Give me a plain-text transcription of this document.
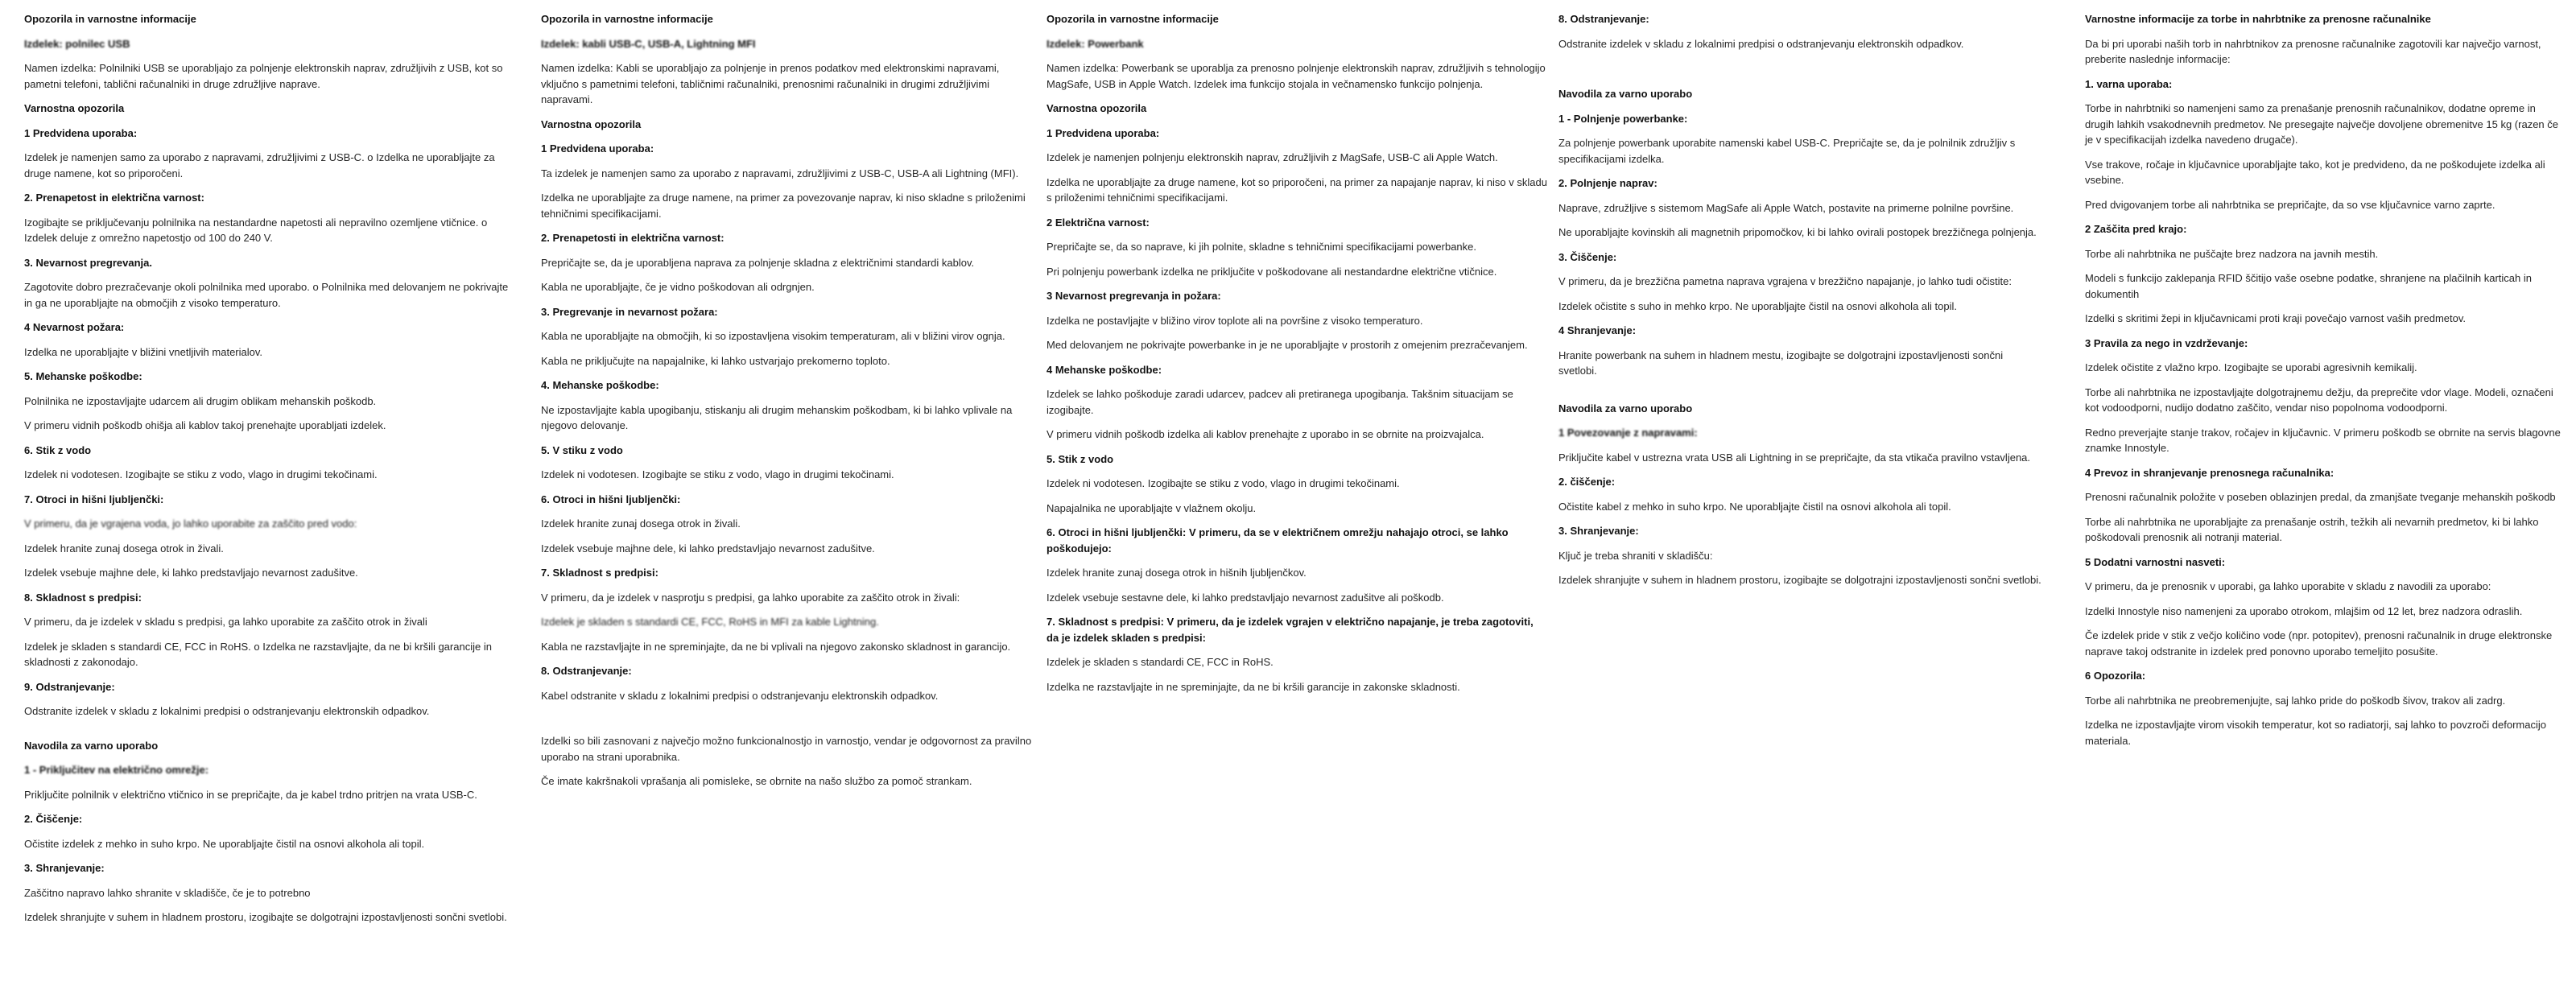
Opozorila in varnostne informacije
Izdelek: polnilec USB
Namen izdelka: Polnilniki USB se uporabljajo za polnjenje elektronskih naprav, združljivih z USB, kot so pametni telefoni, tablični računalniki in druge združljive naprave.
Varnostna opozorila
1 Predvidena uporaba:
Izdelek je namenjen samo za uporabo z napravami, združljivimi z USB-C. o Izdelka ne uporabljajte za druge namene, kot so priporočeni.
2. Prenapetost in električna varnost:
Izogibajte se priključevanju polnilnika na nestandardne napetosti ali nepravilno ozemljene vtičnice. o Izdelek deluje z omrežno napetostjo od 100 do 240 V.
3. Nevarnost pregrevanja.
Zagotovite dobro prezračevanje okoli polnilnika med uporabo. o Polnilnika med delovanjem ne pokrivajte in ga ne uporabljajte na območjih z visoko temperaturo.
4 Nevarnost požara:
Izdelka ne uporabljajte v bližini vnetljivih materialov.
5. Mehanske poškodbe:
Polnilnika ne izpostavljajte udarcem ali drugim oblikam mehanskih poškodb.
V primeru vidnih poškodb ohišja ali kablov takoj prenehajte uporabljati izdelek.
6. Stik z vodo
Izdelek ni vodotesen. Izogibajte se stiku z vodo, vlago in drugimi tekočinami.
7. Otroci in hišni ljubljenčki:
V primeru, da je vgrajena voda, jo lahko uporabite za zaščito pred vodo:
Izdelek hranite zunaj dosega otrok in živali.
Izdelek vsebuje majhne dele, ki lahko predstavljajo nevarnost zadušitve.
8. Skladnost s predpisi:
V primeru, da je izdelek v skladu s predpisi, ga lahko uporabite za zaščito otrok in živali
Izdelek je skladen s standardi CE, FCC in RoHS. o Izdelka ne razstavljajte, da ne bi kršili garancije in skladnosti z zakonodajo.
9. Odstranjevanje:
Odstranite izdelek v skladu z lokalnimi predpisi o odstranjevanju elektronskih odpadkov.
Navodila za varno uporabo
1 - Priključitev na električno omrežje:
Priključite polnilnik v električno vtičnico in se prepričajte, da je kabel trdno pritrjen na vrata USB-C.
2. Čiščenje:
Očistite izdelek z mehko in suho krpo. Ne uporabljajte čistil na osnovi alkohola ali topil.
3. Shranjevanje:
Zaščitno napravo lahko shranite v skladišče, če je to potrebno
Izdelek shranjujte v suhem in hladnem prostoru, izogibajte se dolgotrajni izpostavljenosti sončni svetlobi.
Opozorila in varnostne informacije
Izdelek: kabli USB-C, USB-A, Lightning MFI
Namen izdelka: Kabli se uporabljajo za polnjenje in prenos podatkov med elektronskimi napravami, vključno s pametnimi telefoni, tabličnimi računalniki, prenosnimi računalniki in drugimi združljivimi napravami.
Varnostna opozorila
1 Predvidena uporaba:
Ta izdelek je namenjen samo za uporabo z napravami, združljivimi z USB-C, USB-A ali Lightning (MFI).
Izdelka ne uporabljajte za druge namene, na primer za povezovanje naprav, ki niso skladne s priloženimi tehničnimi specifikacijami.
2. Prenapetosti in električna varnost:
Prepričajte se, da je uporabljena naprava za polnjenje skladna z električnimi standardi kablov.
Kabla ne uporabljajte, če je vidno poškodovan ali odrgnjen.
3. Pregrevanje in nevarnost požara:
Kabla ne uporabljajte na območjih, ki so izpostavljena visokim temperaturam, ali v bližini virov ognja.
Kabla ne priključujte na napajalnike, ki lahko ustvarjajo prekomerno toploto.
4. Mehanske poškodbe:
Ne izpostavljajte kabla upogibanju, stiskanju ali drugim mehanskim poškodbam, ki bi lahko vplivale na njegovo delovanje.
5. V stiku z vodo
Izdelek ni vodotesen. Izogibajte se stiku z vodo, vlago in drugimi tekočinami.
6. Otroci in hišni ljubljenčki:
Izdelek hranite zunaj dosega otrok in živali.
Izdelek vsebuje majhne dele, ki lahko predstavljajo nevarnost zadušitve.
7. Skladnost s predpisi:
V primeru, da je izdelek v nasprotju s predpisi, ga lahko uporabite za zaščito otrok in živali:
Izdelek je skladen s standardi CE, FCC, RoHS in MFI za kable Lightning.
Kabla ne razstavljajte in ne spreminjajte, da ne bi vplivali na njegovo zakonsko skladnost in garancijo.
8. Odstranjevanje:
Kabel odstranite v skladu z lokalnimi predpisi o odstranjevanju elektronskih odpadkov.
Izdelki so bili zasnovani z največjo možno funkcionalnostjo in varnostjo, vendar je odgovornost za pravilno uporabo na strani uporabnika.
Če imate kakršnakoli vprašanja ali pomisleke, se obrnite na našo službo za pomoč strankam.
Opozorila in varnostne informacije
Izdelek: Powerbank
Namen izdelka: Powerbank se uporablja za prenosno polnjenje elektronskih naprav, združljivih s tehnologijo MagSafe, USB in Apple Watch. Izdelek ima funkcijo stojala in večnamensko funkcijo polnjenja.
Varnostna opozorila
1 Predvidena uporaba:
Izdelek je namenjen polnjenju elektronskih naprav, združljivih z MagSafe, USB-C ali Apple Watch.
Izdelka ne uporabljajte za druge namene, kot so priporočeni, na primer za napajanje naprav, ki niso v skladu s priloženimi tehničnimi specifikacijami.
2 Električna varnost:
Prepričajte se, da so naprave, ki jih polnite, skladne s tehničnimi specifikacijami powerbanke.
Pri polnjenju powerbank izdelka ne priključite v poškodovane ali nestandardne električne vtičnice.
3 Nevarnost pregrevanja in požara:
Izdelka ne postavljajte v bližino virov toplote ali na površine z visoko temperaturo.
Med delovanjem ne pokrivajte powerbanke in je ne uporabljajte v prostorih z omejenim prezračevanjem.
4 Mehanske poškodbe:
Izdelek se lahko poškoduje zaradi udarcev, padcev ali pretiranega upogibanja. Takšnim situacijam se izogibajte.
V primeru vidnih poškodb izdelka ali kablov prenehajte z uporabo in se obrnite na proizvajalca.
5. Stik z vodo
Izdelek ni vodotesen. Izogibajte se stiku z vodo, vlago in drugimi tekočinami.
Napajalnika ne uporabljajte v vlažnem okolju.
6. Otroci in hišni ljubljenčki: V primeru, da se v električnem omrežju nahajajo otroci, se lahko poškodujejo:
Izdelek hranite zunaj dosega otrok in hišnih ljubljenčkov.
Izdelek vsebuje sestavne dele, ki lahko predstavljajo nevarnost zadušitve ali poškodb.
7. Skladnost s predpisi: V primeru, da je izdelek vgrajen v električno napajanje, je treba zagotoviti, da je izdelek skladen s predpisi:
Izdelek je skladen s standardi CE, FCC in RoHS.
Izdelka ne razstavljajte in ne spreminjajte, da ne bi kršili garancije in zakonske skladnosti.
8. Odstranjevanje:
Odstranite izdelek v skladu z lokalnimi predpisi o odstranjevanju elektronskih odpadkov.
Navodila za varno uporabo
1 - Polnjenje powerbanke:
Za polnjenje powerbank uporabite namenski kabel USB-C. Prepričajte se, da je polnilnik združljiv s specifikacijami izdelka.
2. Polnjenje naprav:
Naprave, združljive s sistemom MagSafe ali Apple Watch, postavite na primerne polnilne površine.
Ne uporabljajte kovinskih ali magnetnih pripomočkov, ki bi lahko ovirali postopek brezžičnega polnjenja.
3. Čiščenje:
V primeru, da je brezžična pametna naprava vgrajena v brezžično napajanje, jo lahko tudi očistite:
Izdelek očistite s suho in mehko krpo. Ne uporabljajte čistil na osnovi alkohola ali topil.
4 Shranjevanje:
Hranite powerbank na suhem in hladnem mestu, izogibajte se dolgotrajni izpostavljenosti sončni svetlobi.
Navodila za varno uporabo
1 Povezovanje z napravami:
Priključite kabel v ustrezna vrata USB ali Lightning in se prepričajte, da sta vtikača pravilno vstavljena.
2. čiščenje:
Očistite kabel z mehko in suho krpo. Ne uporabljajte čistil na osnovi alkohola ali topil.
3. Shranjevanje:
Ključ je treba shraniti v skladišču:
Izdelek shranjujte v suhem in hladnem prostoru, izogibajte se dolgotrajni izpostavljenosti sončni svetlobi.
Varnostne informacije za torbe in nahrbtnike za prenosne računalnike
Da bi pri uporabi naših torb in nahrbtnikov za prenosne računalnike zagotovili kar največjo varnost, preberite naslednje informacije:
1. varna uporaba:
Torbe in nahrbtniki so namenjeni samo za prenašanje prenosnih računalnikov, dodatne opreme in drugih lahkih vsakodnevnih predmetov. Ne presegajte največje dovoljene obremenitve 15 kg (razen če je v specifikacijah izdelka navedeno drugače).
Vse trakove, ročaje in ključavnice uporabljajte tako, kot je predvideno, da ne poškodujete izdelka ali vsebine.
Pred dvigovanjem torbe ali nahrbtnika se prepričajte, da so vse ključavnice varno zaprte.
2 Zaščita pred krajo:
Torbe ali nahrbtnika ne puščajte brez nadzora na javnih mestih.
Modeli s funkcijo zaklepanja RFID ščitijo vaše osebne podatke, shranjene na plačilnih karticah in dokumentih
Izdelki s skritimi žepi in ključavnicami proti kraji povečajo varnost vaših predmetov.
3 Pravila za nego in vzdrževanje:
Izdelek očistite z vlažno krpo. Izogibajte se uporabi agresivnih kemikalij.
Torbe ali nahrbtnika ne izpostavljajte dolgotrajnemu dežju, da preprečite vdor vlage. Modeli, označeni kot vodoodporni, nudijo dodatno zaščito, vendar niso popolnoma vodoodporni.
Redno preverjajte stanje trakov, ročajev in ključavnic. V primeru poškodb se obrnite na servis blagovne znamke Innostyle.
4 Prevoz in shranjevanje prenosnega računalnika:
Prenosni računalnik položite v poseben oblazinjen predal, da zmanjšate tveganje mehanskih poškodb
Torbe ali nahrbtnika ne uporabljajte za prenašanje ostrih, težkih ali nevarnih predmetov, ki bi lahko poškodovali prenosnik ali notranji material.
5 Dodatni varnostni nasveti:
V primeru, da je prenosnik v uporabi, ga lahko uporabite v skladu z navodili za uporabo:
Izdelki Innostyle niso namenjeni za uporabo otrokom, mlajšim od 12 let, brez nadzora odraslih.
Če izdelek pride v stik z večjo količino vode (npr. potopitev), prenosni računalnik in druge elektronske naprave takoj odstranite in izdelek pred ponovno uporabo temeljito posušite.
6 Opozorila:
Torbe ali nahrbtnika ne preobremenjujte, saj lahko pride do poškodb šivov, trakov ali zadrg.
Izdelka ne izpostavljajte virom visokih temperatur, kot so radiatorji, saj lahko to povzroči deformacijo materiala.
